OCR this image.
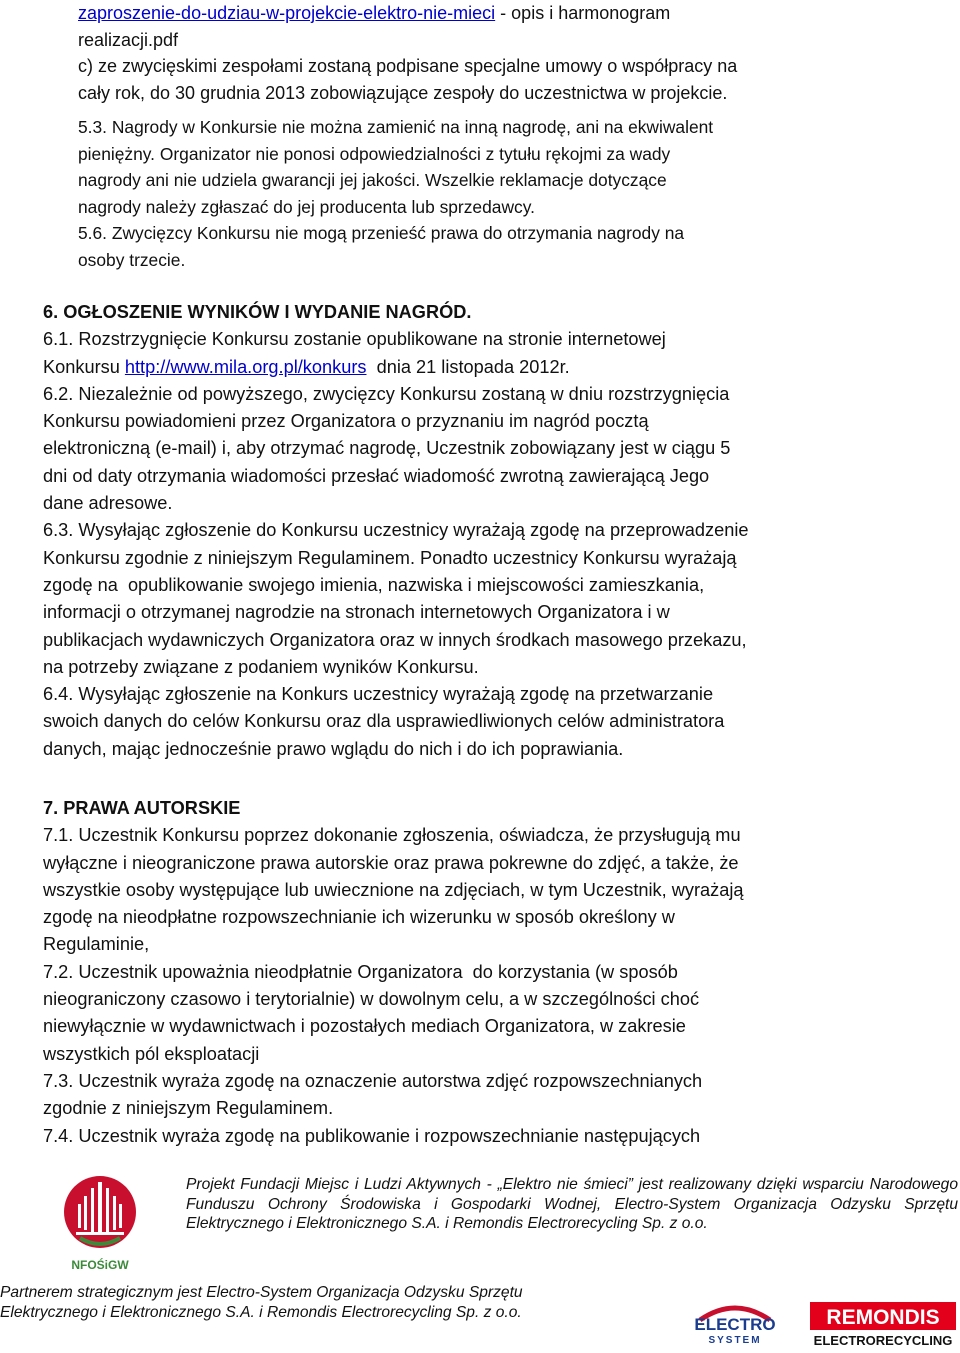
zaproszenie-do-udziau-w-projekcie-elektro-nie-mieci - opis i harmonogram
realizacji.pdf
c) ze zwycięskimi zespołami zostaną podpisane specjalne umowy o współpracy na
cały rok, do 30 grudnia 2013 zobowiązujące zespoły do uczestnictwa w projekcie.
5.3. Nagrody w Konkursie nie można zamienić na inną nagrodę, ani na ekwiwalent
pieniężny. Organizator nie ponosi odpowiedzialności z tytułu rękojmi za wady
nagrody ani nie udziela gwarancji jej jakości. Wszelkie reklamacje dotyczące
nagrody należy zgłaszać do jej producenta lub sprzedawcy.
5.6. Zwycięzcy Konkursu nie mogą przenieść prawa do otrzymania nagrody na
osoby trzecie.
6. OGŁOSZENIE WYNIKÓW I WYDANIE NAGRÓD.
6.1. Rozstrzygnięcie Konkursu zostanie opublikowane na stronie internetowej
Konkursu http://www.mila.org.pl/konkurs  dnia 21 listopada 2012r.
6.2. Niezależnie od powyższego, zwycięzcy Konkursu zostaną w dniu rozstrzygnięcia
Konkursu powiadomieni przez Organizatora o przyznaniu im nagród pocztą
elektroniczną (e-mail) i, aby otrzymać nagrodę, Uczestnik zobowiązany jest w ciągu 5
dni od daty otrzymania wiadomości przesłać wiadomość zwrotną zawierającą Jego
dane adresowe.
6.3. Wysyłając zgłoszenie do Konkursu uczestnicy wyrażają zgodę na przeprowadzenie
Konkursu zgodnie z niniejszym Regulaminem. Ponadto uczestnicy Konkursu wyrażają
zgodę na  opublikowanie swojego imienia, nazwiska i miejscowości zamieszkania,
informacji o otrzymanej nagrodzie na stronach internetowych Organizatora i w
publikacjach wydawniczych Organizatora oraz w innych środkach masowego przekazu,
na potrzeby związane z podaniem wyników Konkursu.
6.4. Wysyłając zgłoszenie na Konkurs uczestnicy wyrażają zgodę na przetwarzanie
swoich danych do celów Konkursu oraz dla usprawiedliwionych celów administratora
danych, mając jednocześnie prawo wglądu do nich i do ich poprawiania.
7. PRAWA AUTORSKIE
7.1. Uczestnik Konkursu poprzez dokonanie zgłoszenia, oświadcza, że przysługują mu
wyłączne i nieograniczone prawa autorskie oraz prawa pokrewne do zdjęć, a także, że
wszystkie osoby występujące lub uwiecznione na zdjęciach, w tym Uczestnik, wyrażają
zgodę na nieodpłatne rozpowszechnianie ich wizerunku w sposób określony w
Regulaminie,
7.2. Uczestnik upoważnia nieodpłatnie Organizatora  do korzystania (w sposób
nieograniczony czasowo i terytorialnie) w dowolnym celu, a w szczególności choć
niewyłącznie w wydawnictwach i pozostałych mediach Organizatora, w zakresie
wszystkich pól eksploatacji
7.3. Uczestnik wyraża zgodę na oznaczenie autorstwa zdjęć rozpowszechnianych
zgodnie z niniejszym Regulaminem.
7.4. Uczestnik wyraża zgodę na publikowanie i rozpowszechnianie następujących
NFOŚiGW
Projekt Fundacji Miejsc i Ludzi Aktywnych - „Elektro nie śmieci” jest realizowany dzięki wsparciu Narodowego Funduszu Ochrony Środowiska i Gospodarki Wodnej, Electro-System Organizacja Odzysku Sprzętu Elektrycznego i Elektronicznego S.A. i Remondis Electrorecycling Sp. z o.o.
Partnerem strategicznym jest Electro-System Organizacja Odzysku Sprzętu
Elektrycznego i Elektronicznego S.A. i Remondis Electrorecycling Sp. z o.o.
ELECTRO
SYSTEM
REMONDIS
ELECTRORECYCLING
